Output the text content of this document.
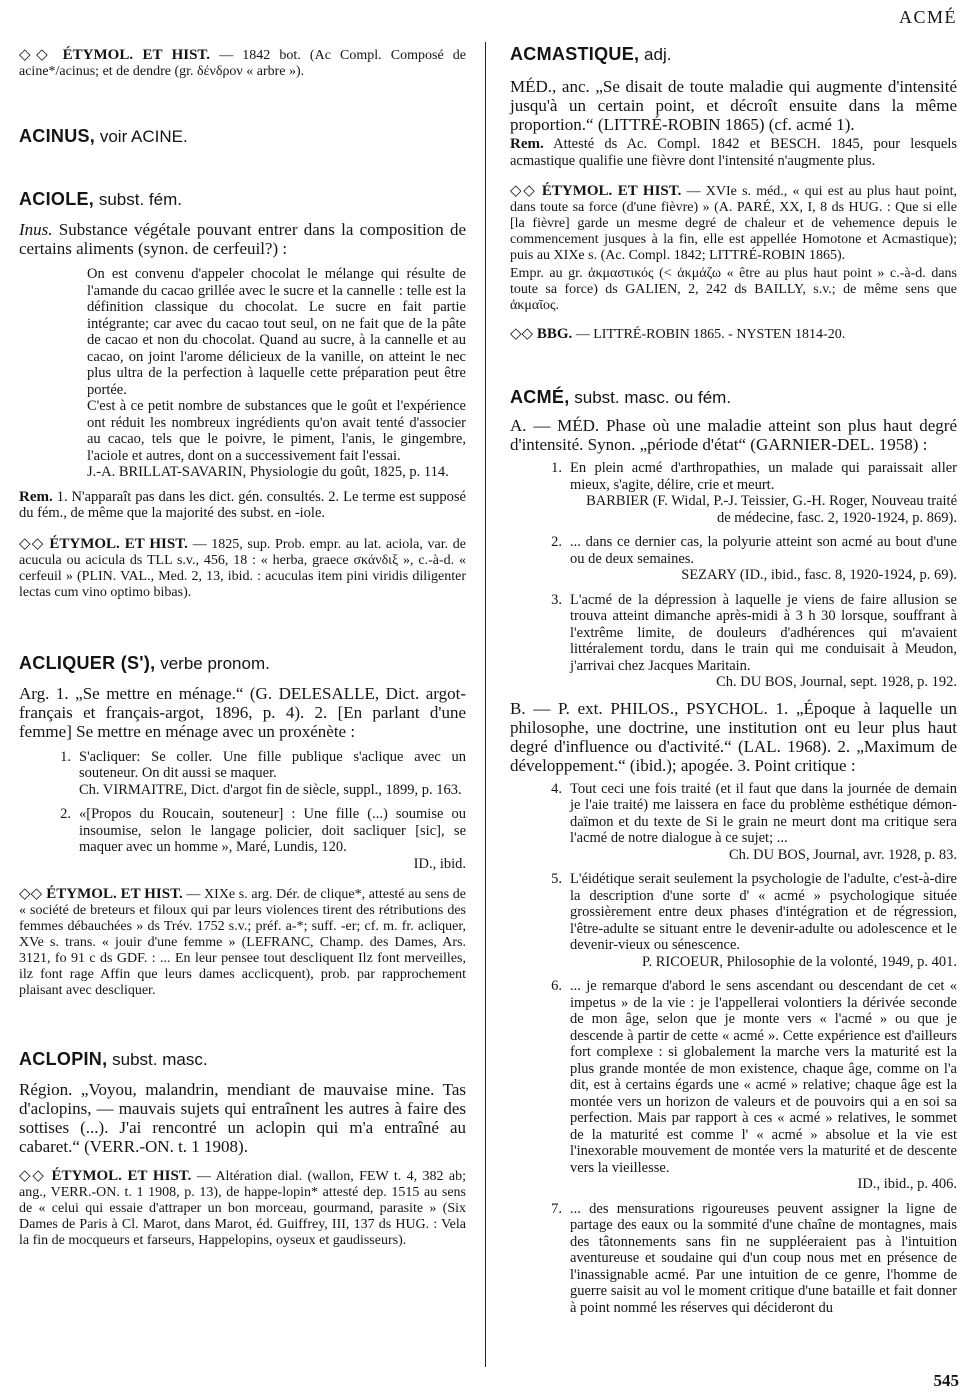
ACMÉ

◇◇ ÉTYMOL. ET HIST. — 1842 bot. (Ac Compl. Composé de acine*/acinus; et de dendre (gr. δένδρον « arbre »).

ACINUS, voir ACINE.

ACIOLE, subst. fém.

Inus. Substance végétale pouvant entrer dans la composition de certains aliments (synon. de cerfeuil?) :

On est convenu d'appeler chocolat le mélange qui résulte de l'amande du cacao grillée avec le sucre et la cannelle : telle est la définition classique du chocolat. Le sucre en fait partie intégrante; car avec du cacao tout seul, on ne fait que de la pâte de cacao et non du chocolat. Quand au sucre, à la cannelle et au cacao, on joint l'arome délicieux de la vanille, on atteint le nec plus ultra de la perfection à laquelle cette préparation peut être portée.

C'est à ce petit nombre de substances que le goût et l'expérience ont réduit les nombreux ingrédients qu'on avait tenté d'associer au cacao, tels que le poivre, le piment, l'anis, le gingembre, l'aciole et autres, dont on a successivement fait l'essai.

J.-A. BRILLAT-SAVARIN, Physiologie du goût, 1825, p. 114.

Rem. 1. N'apparaît pas dans les dict. gén. consultés. 2. Le terme est supposé du fém., de même que la majorité des subst. en -iole.

◇◇ ÉTYMOL. ET HIST. — 1825, sup. Prob. empr. au lat. aciola, var. de acucula ou acicula ds TLL s.v., 456, 18 : « herba, graece σκάνδιξ », c.-à-d. « cerfeuil » (PLIN. VAL., Med. 2, 13, ibid. : acuculas item pini viridis diligenter lectas cum vino optimo bibas).

ACLIQUER (S'), verbe pronom.

Arg. 1. „Se mettre en ménage.“ (G. DELESALLE, Dict. argot-français et français-argot, 1896, p. 4). 2. [En parlant d'une femme] Se mettre en ménage avec un proxénète :

1. S'acliquer: Se coller. Une fille publique s'aclique avec un souteneur. On dit aussi se maquer.
Ch. VIRMAITRE, Dict. d'argot fin de siècle, suppl., 1899, p. 163.
2. «[Propos du Roucain, souteneur] : Une fille (...) soumise ou insoumise, selon le langage policier, doit sacliquer [sic], se maquer avec un homme », Maré, Lundis, 120.
ID., ibid.

◇◇ ÉTYMOL. ET HIST. — XIXe s. arg. Dér. de clique*, attesté au sens de « société de breteurs et filoux qui par leurs violences tirent des rétributions des femmes débauchées » ds Trév. 1752 s.v.; préf. a-*; suff. -er; cf. m. fr. acliquer, XVe s. trans. « jouir d'une femme » (LEFRANC, Champ. des Dames, Ars. 3121, fo 91 c ds GDF. : ... En leur pensee tout descliquent Ilz font merveilles, ilz font rage Affin que leurs dames acclicquent), prob. par rapprochement plaisant avec descliquer.

ACLOPIN, subst. masc.

Région. „Voyou, malandrin, mendiant de mauvaise mine. Tas d'aclopins, — mauvais sujets qui entraînent les autres à faire des sottises (...). J'ai rencontré un aclopin qui m'a entraîné au cabaret.“ (VERR.-ON. t. 1 1908).

◇◇ ÉTYMOL. ET HIST. — Altération dial. (wallon, FEW t. 4, 382 ab; ang., VERR.-ON. t. 1 1908, p. 13), de happe-lopin* attesté dep. 1515 au sens de « celui qui essaie d'attraper un bon morceau, gourmand, parasite » (Six Dames de Paris à Cl. Marot, dans Marot, éd. Guiffrey, III, 137 ds HUG. : Vela la fin de mocqueurs et farseurs, Happelopins, oyseux et gaudisseurs).

ACMASTIQUE, adj.

MÉD., anc. „Se disait de toute maladie qui augmente d'intensité jusqu'à un certain point, et décroît ensuite dans la même proportion.“ (LITTRÉ-ROBIN 1865) (cf. acmé 1).

Rem. Attesté ds Ac. Compl. 1842 et BESCH. 1845, pour lesquels acmastique qualifie une fièvre dont l'intensité n'augmente plus.

◇◇ ÉTYMOL. ET HIST. — XVIe s. méd., « qui est au plus haut point, dans toute sa force (d'une fièvre) » (A. PARÉ, XX, I, 8 ds HUG. : Que si elle [la fièvre] garde un mesme degré de chaleur et de vehemence depuis le commencement jusques à la fin, elle est appellée Homotone et Acmastique); puis au XIXe s. (Ac. Compl. 1842; LITTRÉ-ROBIN 1865).

Empr. au gr. ἀκμαστικός (< ἀκμάζω « être au plus haut point » c.-à-d. dans toute sa force) ds GALIEN, 2, 242 ds BAILLY, s.v.; de même sens que ἀκμαῖος.

◇◇ BBG. — LITTRÉ-ROBIN 1865. - NYSTEN 1814-20.

ACMÉ, subst. masc. ou fém.

A. — MÉD. Phase où une maladie atteint son plus haut degré d'intensité. Synon. „période d'état“ (GARNIER-DEL. 1958) :

1. En plein acmé d'arthropathies, un malade qui paraissait aller mieux, s'agite, délire, crie et meurt.
BARBIER (F. Widal, P.-J. Teissier, G.-H. Roger, Nouveau traité de médecine, fasc. 2, 1920-1924, p. 869).
2. ... dans ce dernier cas, la polyurie atteint son acmé au bout d'une ou de deux semaines.
SEZARY (ID., ibid., fasc. 8, 1920-1924, p. 69).
3. L'acmé de la dépression à laquelle je viens de faire allusion se trouva atteint dimanche après-midi à 3 h 30 lorsque, souffrant à l'extrême limite, de douleurs d'adhérences qui m'avaient littéralement tordu, dans le train qui me conduisait à Meudon, j'arrivai chez Jacques Maritain.
Ch. DU BOS, Journal, sept. 1928, p. 192.

B. — P. ext. PHILOS., PSYCHOL. 1. „Époque à laquelle un philosophe, une doctrine, une institution ont eu leur plus haut degré d'influence ou d'activité.“ (LAL. 1968). 2. „Maximum de développement.“ (ibid.); apogée. 3. Point critique :

4. Tout ceci une fois traité (et il faut que dans la journée de demain je l'aie traité) me laissera en face du problème esthétique démon-daïmon et du texte de Si le grain ne meurt dont ma critique sera l'acmé de notre dialogue à ce sujet; ...
Ch. DU BOS, Journal, avr. 1928, p. 83.
5. L'éidétique serait seulement la psychologie de l'adulte, c'est-à-dire la description d'une sorte d' « acmé » psychologique située grossièrement entre deux phases d'intégration et de régression, l'être-adulte se situant entre le devenir-adulte ou adolescence et le devenir-vieux ou sénescence.
P. RICOEUR, Philosophie de la volonté, 1949, p. 401.
6. ... je remarque d'abord le sens ascendant ou descendant de cet « impetus » de la vie : je l'appellerai volontiers la dérivée seconde de mon âge, selon que je monte vers « l'acmé » ou que je descende à partir de cette « acmé ». Cette expérience est d'ailleurs fort complexe : si globalement la marche vers la maturité est la plus grande montée de mon existence, chaque âge, comme on l'a dit, est à certains égards une « acmé » relative; chaque âge est la montée vers un horizon de valeurs et de pouvoirs qui a en soi sa perfection. Mais par rapport à ces « acmé » relatives, le sommet de la maturité est comme l' « acmé » absolue et la vie est l'inexorable mouvement de montée vers la maturité et de descente vers la vieillesse.
ID., ibid., p. 406.
7. ... des mensurations rigoureuses peuvent assigner la ligne de partage des eaux ou la sommité d'une chaîne de montagnes, mais des tâtonnements sans fin ne suppléeraient pas à l'intuition aventureuse et soudaine qui d'un coup nous met en présence de l'inassignable acmé. Par une intuition de ce genre, l'homme de guerre saisit au vol le moment critique d'une bataille et fait donner à point nommé les réserves qui décideront du
545
